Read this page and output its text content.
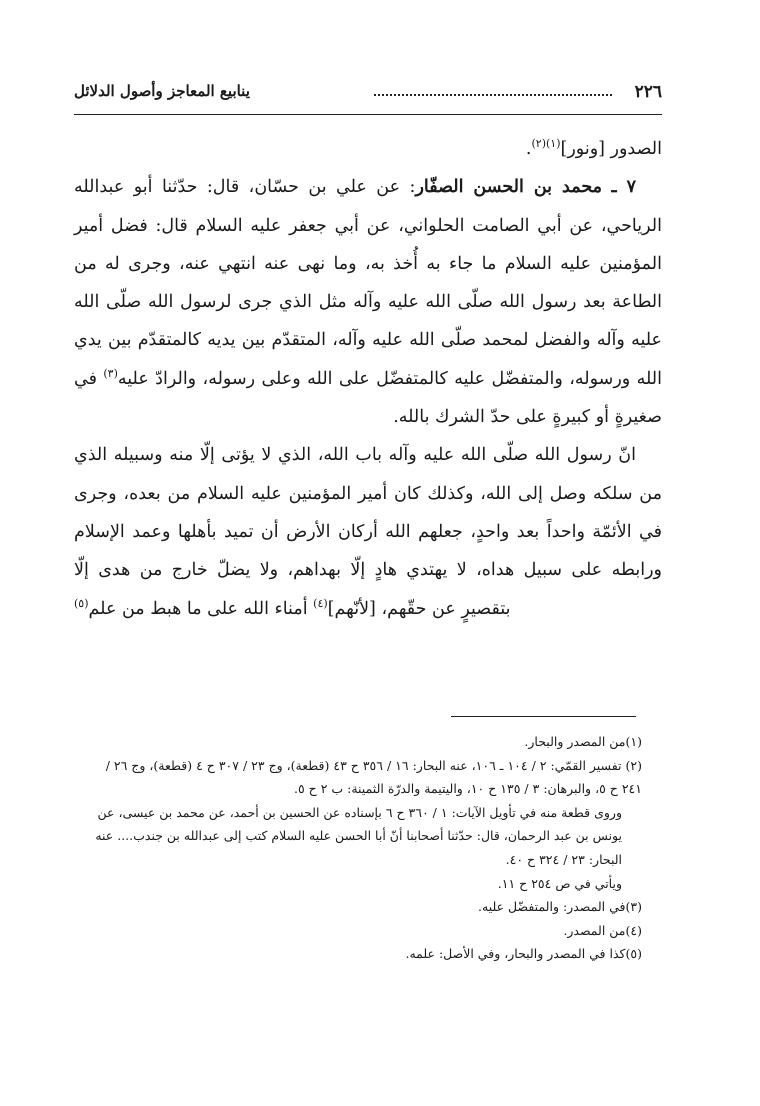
٢٢٦
ينابيع المعاجز وأصول الدلائل

الصدور [ونور]$^{(١)(٢)}$.

٧ ـ محمد بن الحسن الصفّار: عن علي بن حسّان، قال: حدّثنا أبو عبدالله الرياحي، عن أبي الصامت الحلواني، عن أبي جعفر عليه السلام قال: فضل أمير المؤمنين عليه السلام ما جاء به أُخذ به، وما نهى عنه انتهي عنه، وجرى له من الطاعة بعد رسول الله صلّى الله عليه وآله مثل الذي جرى لرسول الله صلّى الله عليه وآله والفضل لمحمد صلّى الله عليه وآله، المتقدّم بين يديه كالمتقدّم بين يدي الله ورسوله، والمتفضّل عليه كالمتفضّل على الله وعلى رسوله، والرادّ عليه$^{(٣)}$ في صغيرةٍ أو كبيرةٍ على حدّ الشرك بالله.

انّ رسول الله صلّى الله عليه وآله باب الله، الذي لا يؤتى إلّا منه وسبيله الذي من سلكه وصل إلى الله، وكذلك كان أمير المؤمنين عليه السلام من بعده، وجرى في الأئمّة واحداً بعد واحدٍ، جعلهم الله أركان الأرض أن تميد بأهلها وعمد الإسلام ورابطه على سبيل هداه، لا يهتدي هادٍ إلّا بهداهم، ولا يضلّ خارج من هدى إلّا بتقصيرٍ عن حقّهم، [لأنّهم]$^{(٤)}$ أمناء الله على ما هبط من علم$^{(٥)}$

(١)من المصدر والبحار.

(٢) تفسير القمّي: ٢ / ١٠٤ ـ ١٠٦، عنه البحار: ١٦ / ٣٥٦ ح ٤٣ (قطعة)، وج ٢٣ / ٣٠٧ ح ٤ (قطعة)، وج ٢٦ / ٢٤١ ح ٥، والبرهان: ٣ / ١٣٥ ح ١٠، واليتيمة والدرّة الثمينة: ب ٢ ح ٥.

وروى قطعة منه في تأويل الآيات: ١ / ٣٦٠ ح ٦ بإسناده عن الحسين بن أحمد، عن محمد بن عيسى، عن يونس بن عبد الرحمان، قال: حدّثنا أصحابنا أنّ أبا الحسن عليه السلام كتب إلى عبدالله بن جندب.... عنه البحار: ٢٣ / ٣٢٤ ح ٤٠.

ويأتي في ص ٢٥٤ ح ١١.

(٣)في المصدر: والمتفضّل عليه.

(٤)من المصدر.

(٥)كذا في المصدر والبحار، وفي الأصل: علمه.
